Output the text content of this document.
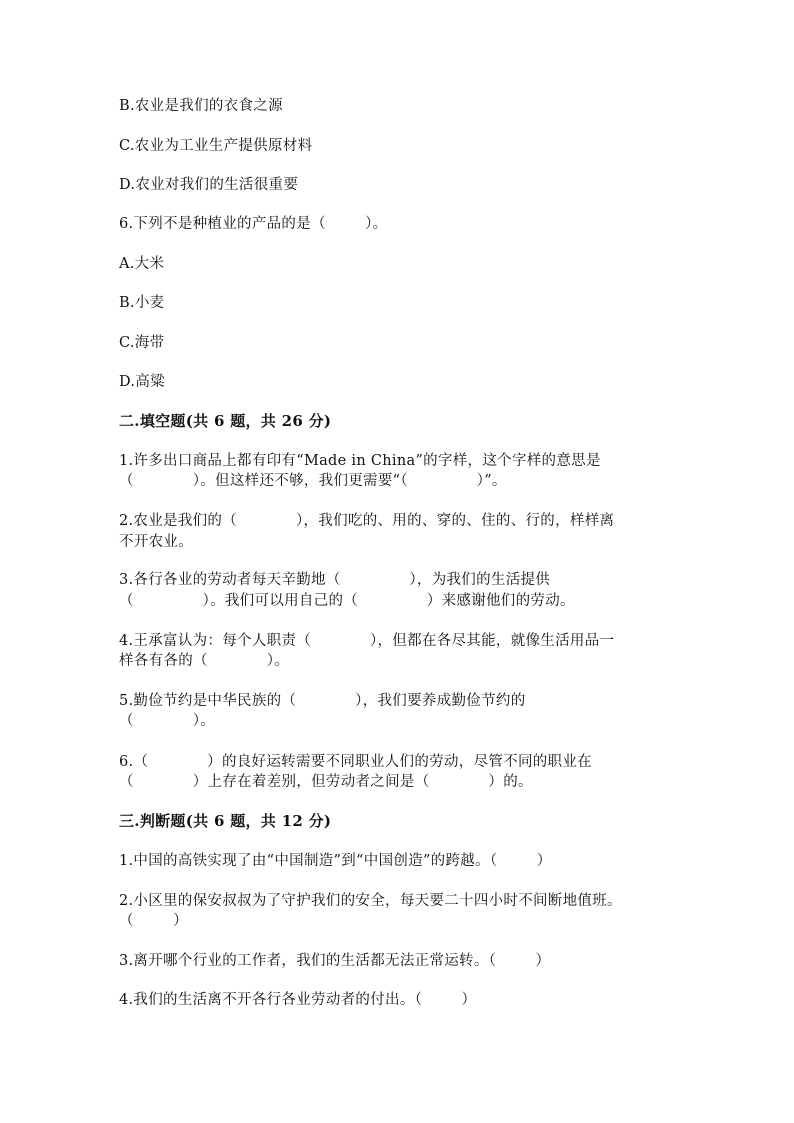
B.农业是我们的衣食之源
C.农业为工业生产提供原材料
D.农业对我们的生活很重要
6.下列不是种植业的产品的是（        ）。
A.大米
B.小麦
C.海带
D.高粱
二.填空题(共 6 题，共 26 分)
1.许多出口商品上都有印有“Made in China”的字样，这个字样的意思是
（            ）。但这样还不够，我们更需要“（              ）”。
2.农业是我们的（            ），我们吃的、用的、穿的、住的、行的，样样离
不开农业。
3.各行各业的劳动者每天辛勤地（              ），为我们的生活提供
（              ）。我们可以用自己的（              ）来感谢他们的劳动。
4.王承富认为：每个人职责（            ），但都在各尽其能，就像生活用品一
样各有各的（            ）。
5.勤俭节约是中华民族的（            ），我们要养成勤俭节约的
（            ）。
6.（            ）的良好运转需要不同职业人们的劳动，尽管不同的职业在
（            ）上存在着差别，但劳动者之间是（            ）的。
三.判断题(共 6 题，共 12 分)
1.中国的高铁实现了由“中国制造”到“中国创造”的跨越。（        ）
2.小区里的保安叔叔为了守护我们的安全，每天要二十四小时不间断地值班。
（        ）
3.离开哪个行业的工作者，我们的生活都无法正常运转。（        ）
4.我们的生活离不开各行各业劳动者的付出。（        ）
